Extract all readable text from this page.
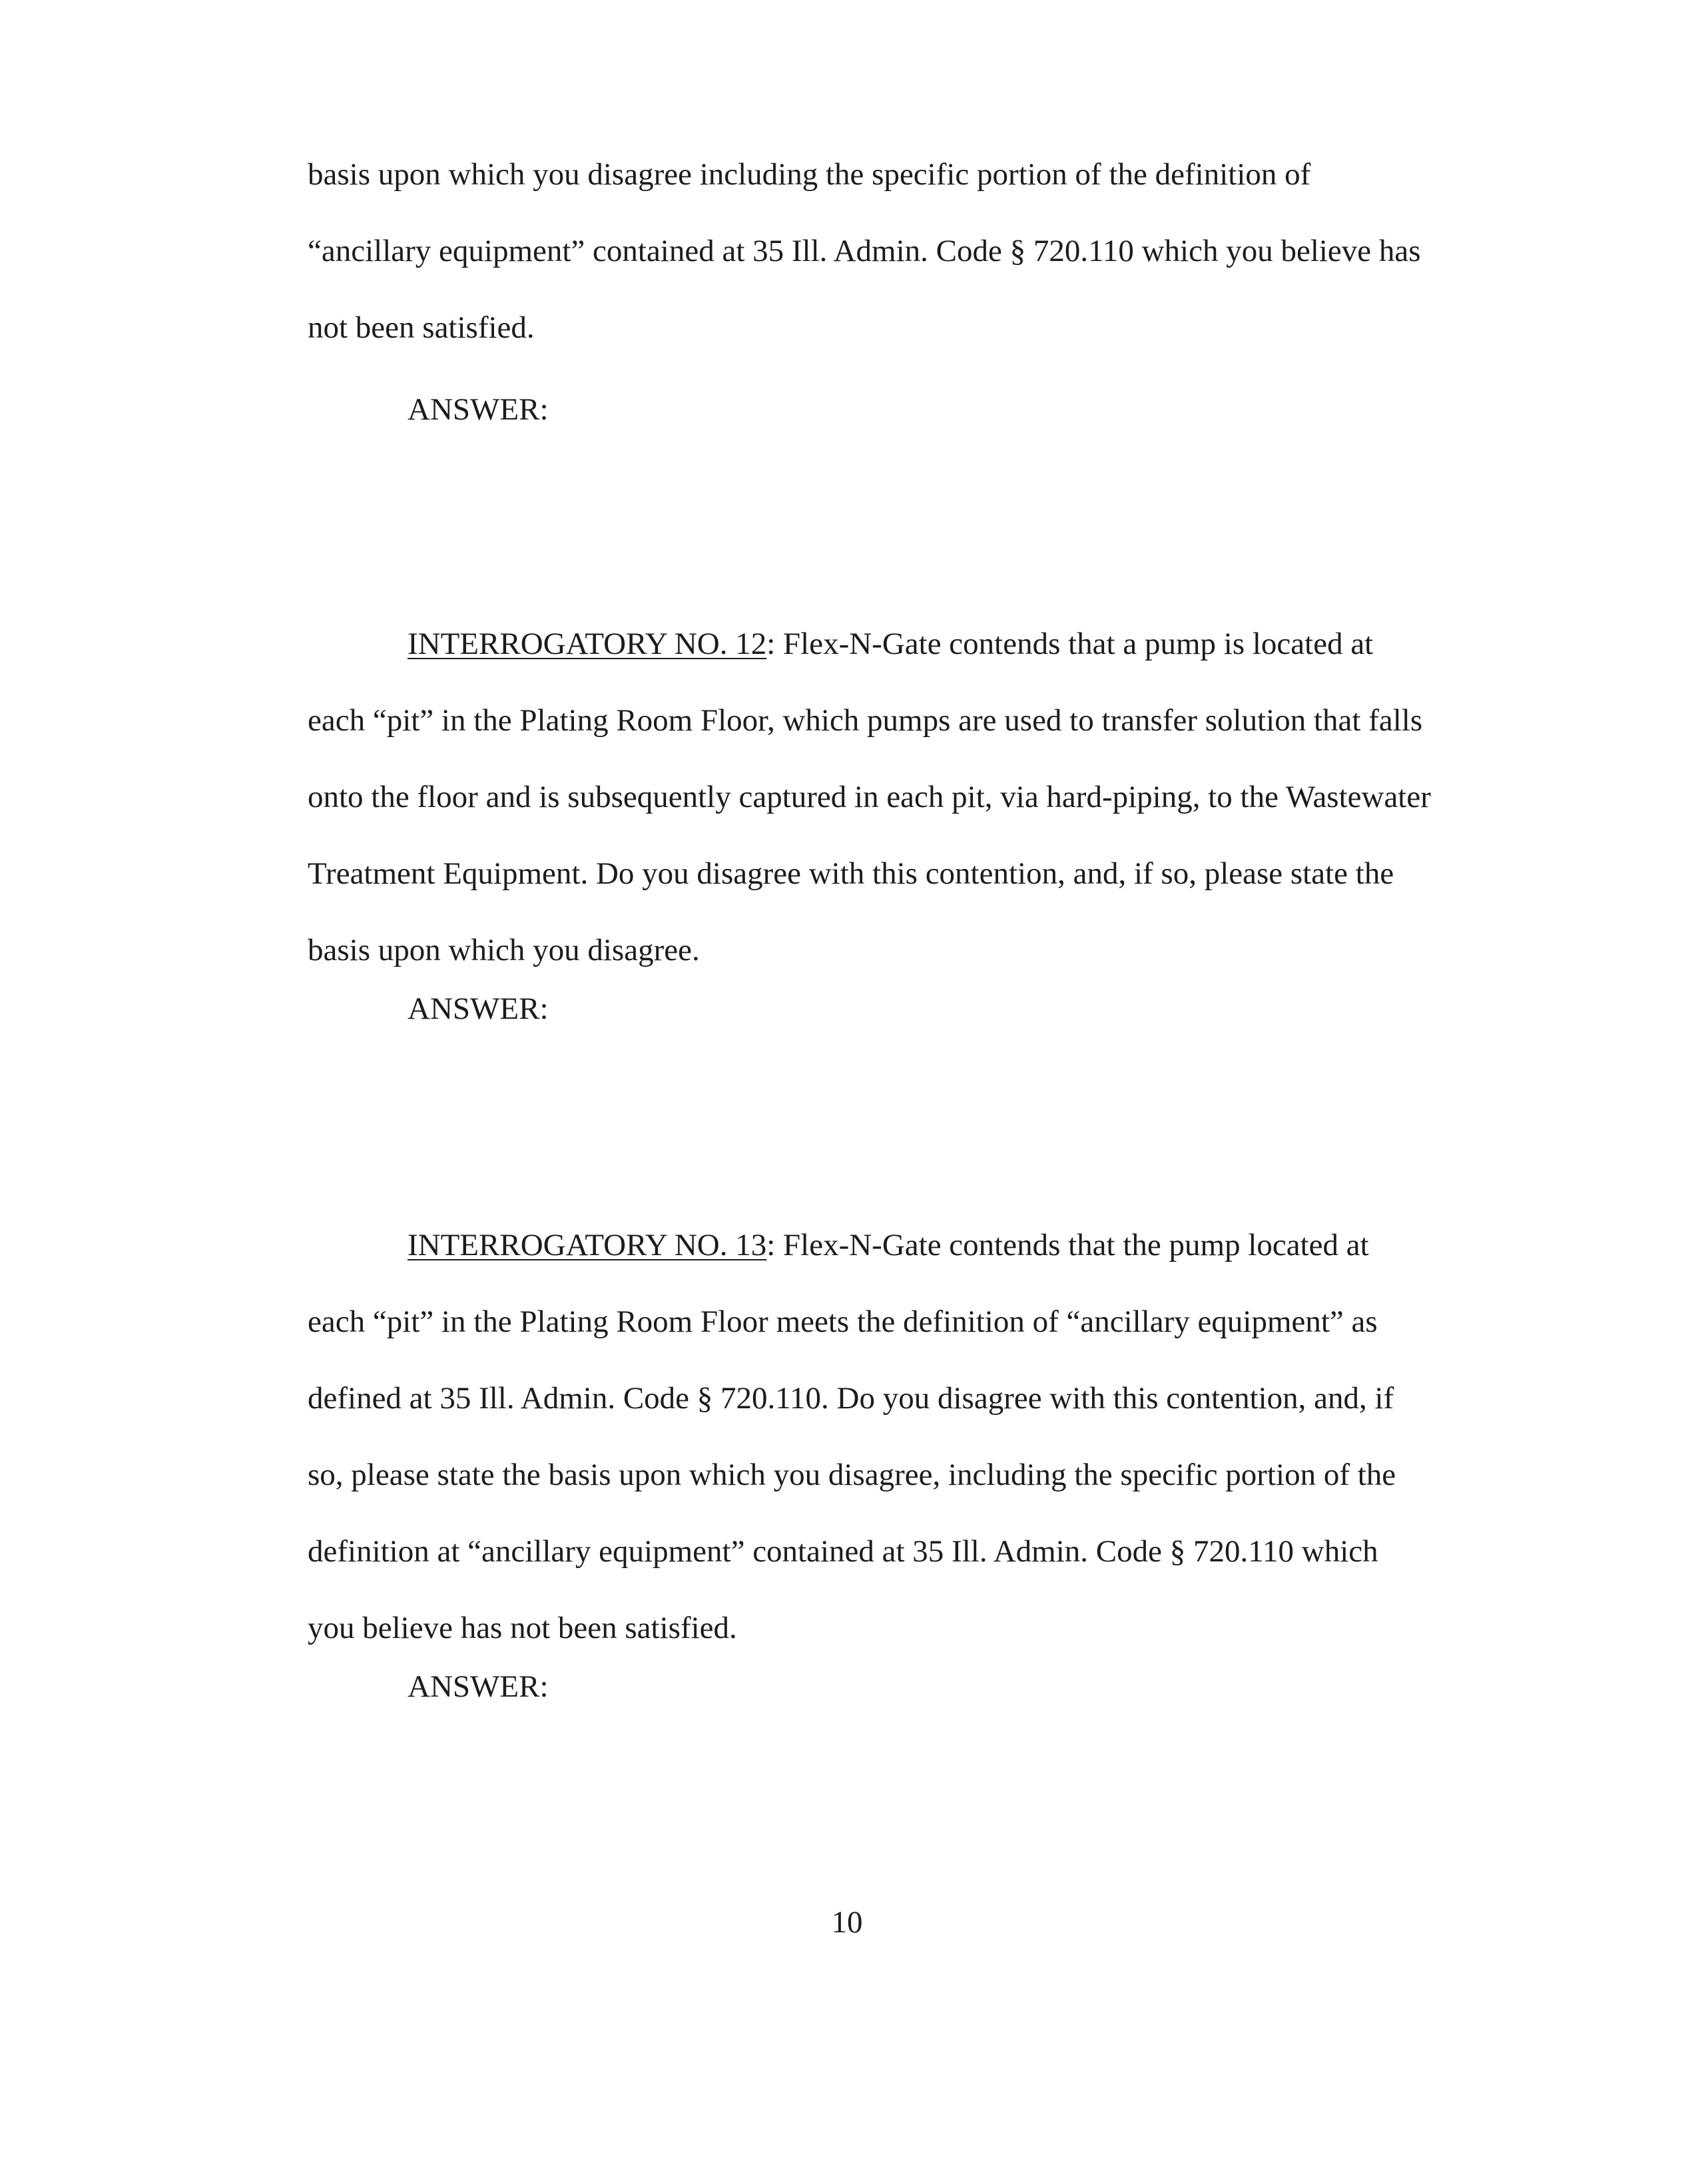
basis upon which you disagree including the specific portion of the definition of
“ancillary equipment” contained at 35 Ill. Admin. Code § 720.110 which you believe has
not been satisfied.

ANSWER:

INTERROGATORY NO. 12: Flex-N-Gate contends that a pump is located at
each “pit” in the Plating Room Floor, which pumps are used to transfer solution that falls
onto the floor and is subsequently captured in each pit, via hard-piping, to the Wastewater
Treatment Equipment. Do you disagree with this contention, and, if so, please state the
basis upon which you disagree.

ANSWER:

INTERROGATORY NO. 13: Flex-N-Gate contends that the pump located at
each “pit” in the Plating Room Floor meets the definition of “ancillary equipment” as
defined at 35 Ill. Admin. Code § 720.110. Do you disagree with this contention, and, if
so, please state the basis upon which you disagree, including the specific portion of the
definition at “ancillary equipment” contained at 35 Ill. Admin. Code § 720.110 which
you believe has not been satisfied.

ANSWER:

10
